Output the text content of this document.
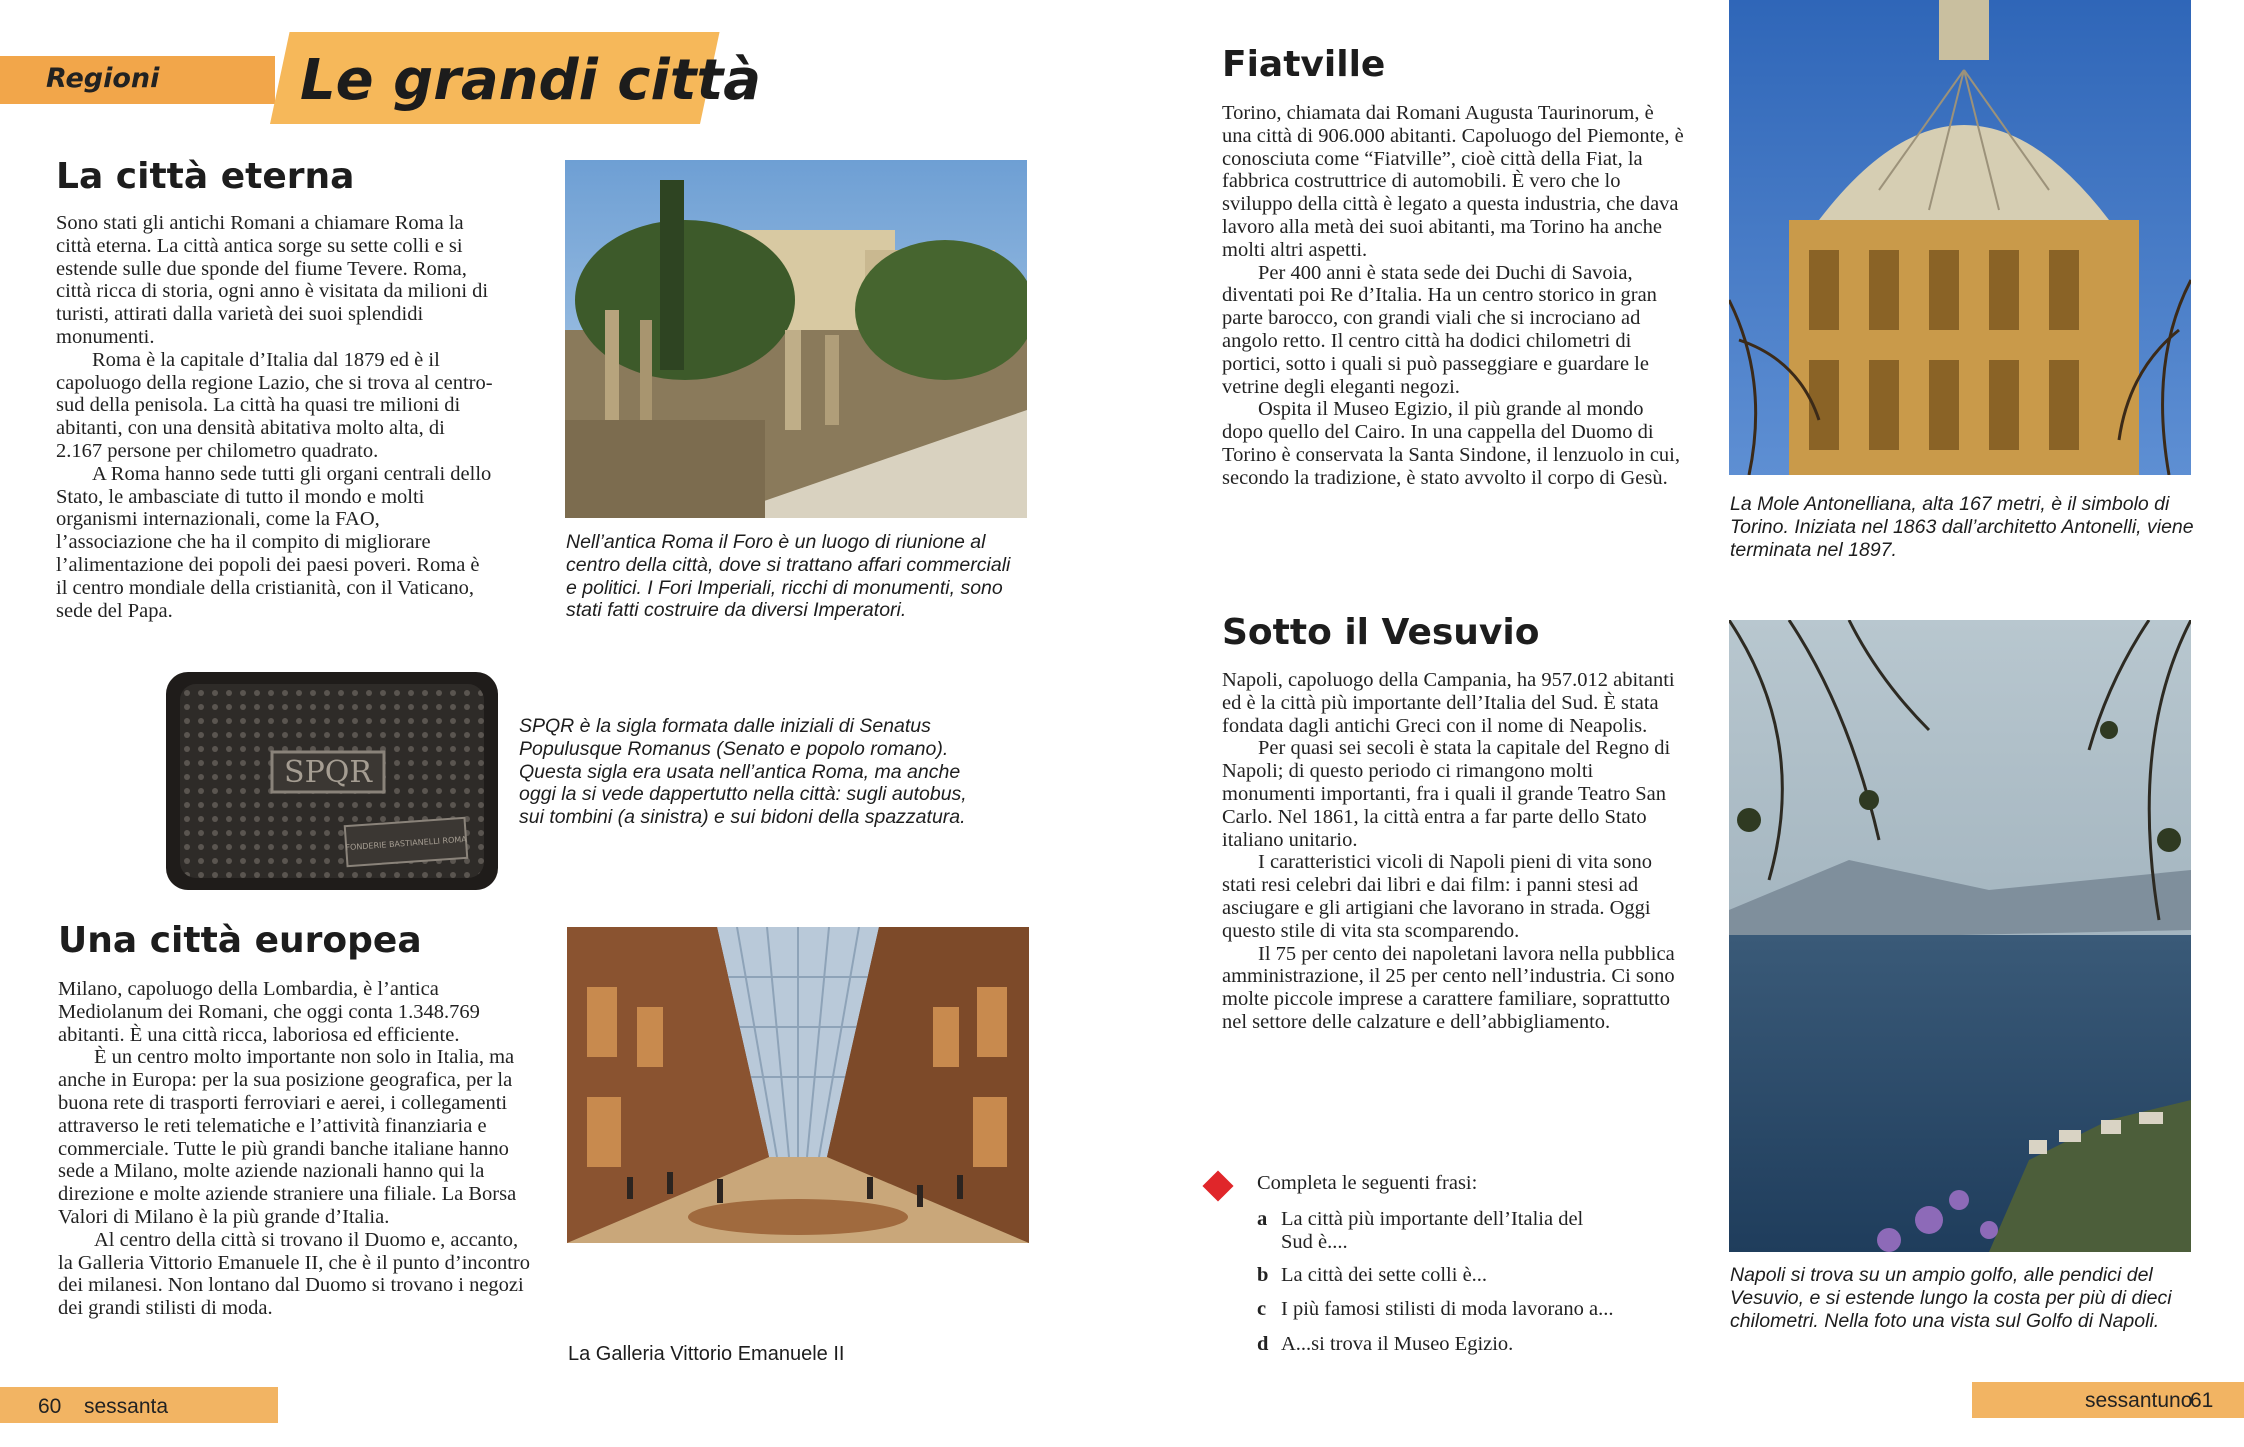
Regioni	Le grandi città
La città eterna

Sono stati gli antichi Romani a chiamare Roma la città eterna. La città antica sorge su sette colli e si estende sulle due sponde del fiume Tevere. Roma, città ricca di storia, ogni anno è visitata da milioni di turisti, attirati dalla varietà dei suoi splendidi monumenti.

Roma è la capitale d’Italia dal 1879 ed è il capoluogo della regione Lazio, che si trova al centro-sud della penisola. La città ha quasi tre milioni di abitanti, con una densità abitativa molto alta, di 2.167 persone per chilometro quadrato.

A Roma hanno sede tutti gli organi centrali dello Stato, le ambasciate di tutto il mondo e molti organismi internazionali, come la FAO, l’associazione che ha il compito di migliorare l’alimentazione dei popoli dei paesi poveri. Roma è il centro mondiale della cristianità, con il Vaticano, sede del Papa.

Nell’antica Roma il Foro è un luogo di riunione al centro della città, dove si trattano affari commerciali e politici. I Fori Imperiali, ricchi di monumenti, sono stati fatti costruire da diversi Imperatori.
SPQR
FONDERIE BASTIANELLI ROMA
SPQR è la sigla formata dalle iniziali di Senatus Populusque Romanus (Senato e popolo romano). Questa sigla era usata nell’antica Roma, ma anche oggi la si vede dappertutto nella città: sugli autobus, sui tombini (a sinistra) e sui bidoni della spazzatura.
Una città europea

Milano, capoluogo della Lombardia, è l’antica Mediolanum dei Romani, che oggi conta 1.348.769 abitanti. È una città ricca, laboriosa ed efficiente.

È un centro molto importante non solo in Italia, ma anche in Europa: per la sua posizione geografica, per la buona rete di trasporti ferroviari e aerei, i collegamenti attraverso le reti telematiche e l’attività finanziaria e commerciale. Tutte le più grandi banche italiane hanno sede a Milano, molte aziende nazionali hanno qui la direzione e molte aziende straniere una filiale. La Borsa Valori di Milano è la più grande d’Italia.

Al centro della città si trovano il Duomo e, accanto, la Galleria Vittorio Emanuele II, che è il punto d’incontro dei milanesi. Non lontano dal Duomo si trovano i negozi dei grandi stilisti di moda.

La Galleria Vittorio Emanuele II
60 sessanta
Fiatville

Torino, chiamata dai Romani Augusta Taurinorum, è una città di 906.000 abitanti. Capoluogo del Piemonte, è conosciuta come “Fiatville”, cioè città della Fiat, la fabbrica costruttrice di automobili. È vero che lo sviluppo della città è legato a questa industria, che dava lavoro alla metà dei suoi abitanti, ma Torino ha anche molti altri aspetti.

Per 400 anni è stata sede dei Duchi di Savoia, diventati poi Re d’Italia. Ha un centro storico in gran parte barocco, con grandi viali che si incrociano ad angolo retto. Il centro città ha dodici chilometri di portici, sotto i quali si può passeggiare e guardare le vetrine degli eleganti negozi.

Ospita il Museo Egizio, il più grande al mondo dopo quello del Cairo. In una cappella del Duomo di Torino è conservata la Santa Sindone, il lenzuolo in cui, secondo la tradizione, è stato avvolto il corpo di Gesù.

La Mole Antonelliana, alta 167 metri, è il simbolo di Torino. Iniziata nel 1863 dall’architetto Antonelli, viene terminata nel 1897.
Sotto il Vesuvio

Napoli, capoluogo della Campania, ha 957.012 abitanti ed è la città più importante dell’Italia del Sud. È stata fondata dagli antichi Greci con il nome di Neapolis.

Per quasi sei secoli è stata la capitale del Regno di Napoli; di questo periodo ci rimangono molti monumenti importanti, fra i quali il grande Teatro San Carlo. Nel 1861, la città entra a far parte dello Stato italiano unitario.

I caratteristici vicoli di Napoli pieni di vita sono stati resi celebri dai libri e dai film: i panni stesi ad asciugare e gli artigiani che lavorano in strada. Oggi questo stile di vita sta scomparendo.

Il 75 per cento dei napoletani lavora nella pubblica amministrazione, il 25 per cento nell’industria. Ci sono molte piccole imprese a carattere familiare, soprattutto nel settore delle calzature e dell’abbigliamento.

Napoli si trova su un ampio golfo, alle pendici del Vesuvio, e si estende lungo la costa per più di dieci chilometri. Nella foto una vista sul Golfo di Napoli.
Completa le seguenti frasi:
a La città più importante dell’Italia del
Sud è....
b La città dei sette colli è...
c I più famosi stilisti di moda lavorano a...
d A...si trova il Museo Egizio.
sessantuno
61
